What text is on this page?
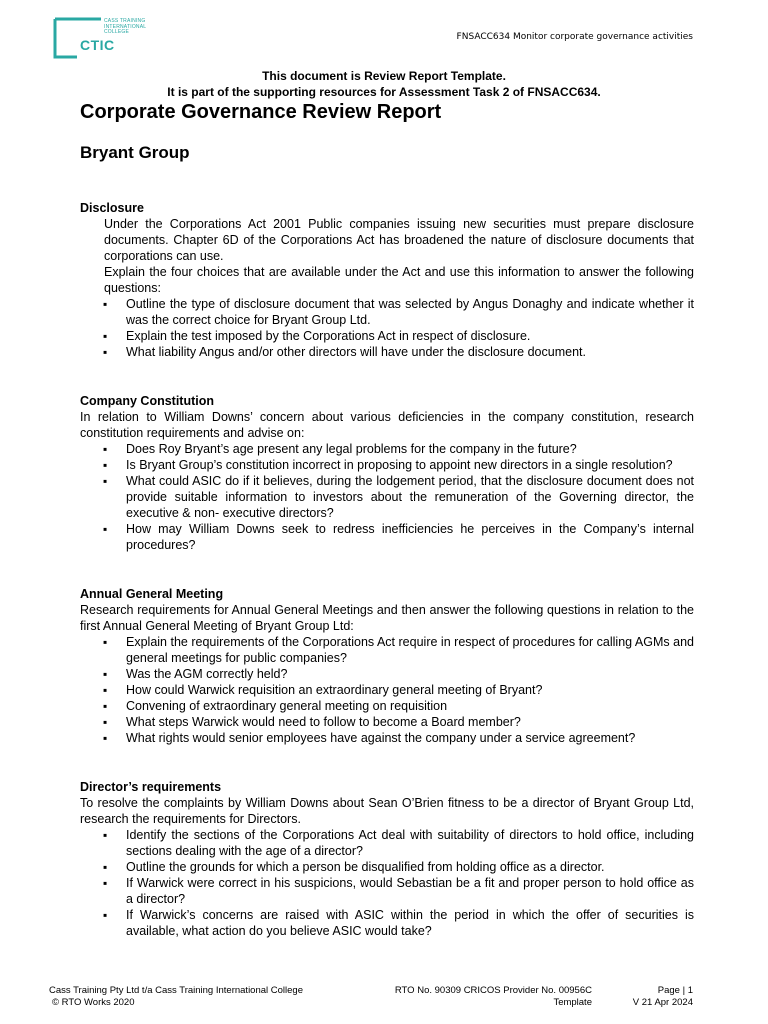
CASS TRAINING
INTERNATIONAL
COLLEGE
CTIC	FNSACC634 Monitor corporate governance activities
This document is Review Report Template.
It is part of the supporting resources for Assessment Task 2 of FNSACC634.
Corporate Governance Review Report
Bryant Group
Disclosure

Under the Corporations Act 2001 Public companies issuing new securities must prepare disclosure documents. Chapter 6D of the Corporations Act has broadened the nature of disclosure documents that corporations can use.

Explain the four choices that are available under the Act and use this information to answer the following questions:

▪ Outline the type of disclosure document that was selected by Angus Donaghy and indicate whether it was the correct choice for Bryant Group Ltd.
▪ Explain the test imposed by the Corporations Act in respect of disclosure.
▪ What liability Angus and/or other directors will have under the disclosure document.
Company Constitution

In relation to William Downs’ concern about various deficiencies in the company constitution, research constitution requirements and advise on:

▪ Does Roy Bryant’s age present any legal problems for the company in the future?
▪ Is Bryant Group’s constitution incorrect in proposing to appoint new directors in a single resolution?
▪ What could ASIC do if it believes, during the lodgement period, that the disclosure document does not provide suitable information to investors about the remuneration of the Governing director, the executive & non- executive directors?
▪ How may William Downs seek to redress inefficiencies he perceives in the Company’s internal procedures?
Annual General Meeting

Research requirements for Annual General Meetings and then answer the following questions in relation to the first Annual General Meeting of Bryant Group Ltd:

▪ Explain the requirements of the Corporations Act require in respect of procedures for calling AGMs and general meetings for public companies?
▪ Was the AGM correctly held?
▪ How could Warwick requisition an extraordinary general meeting of Bryant?
▪ Convening of extraordinary general meeting on requisition
▪ What steps Warwick would need to follow to become a Board member?
▪ What rights would senior employees have against the company under a service agreement?
Director’s requirements

To resolve the complaints by William Downs about Sean O’Brien fitness to be a director of Bryant Group Ltd, research the requirements for Directors.

▪ Identify the sections of the Corporations Act deal with suitability of directors to hold office, including sections dealing with the age of a director?
▪ Outline the grounds for which a person be disqualified from holding office as a director.
▪ If Warwick were correct in his suspicions, would Sebastian be a fit and proper person to hold office as a director?
▪ If Warwick’s concerns are raised with ASIC within the period in which the offer of securities is available, what action do you believe ASIC would take?
Cass Training Pty Ltd t/a Cass Training International College
© RTO Works 2020
RTO No. 90309 CRICOS Provider No. 00956C
Template
Page | 1
V 21 Apr 2024
